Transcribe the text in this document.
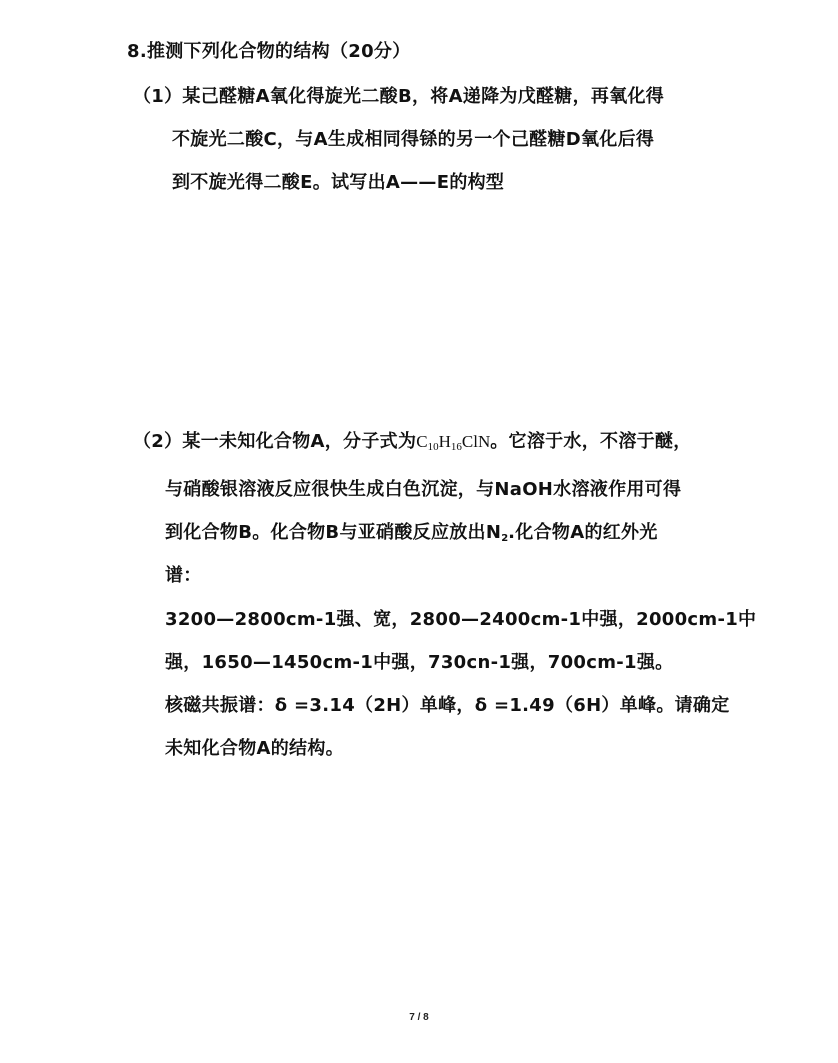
8.推测下列化合物的结构（20分）
（1）某己醛糖A氧化得旋光二酸B，将A递降为戊醛糖，再氧化得
不旋光二酸C，与A生成相同得铩的另一个己醛糖D氧化后得
到不旋光得二酸E。试写出A——E的构型
（2）某一未知化合物A，分子式为$C_{10}H_{16}ClN$。它溶于水，不溶于醚，
与硝酸银溶液反应很快生成白色沉淀，与NaOH水溶液作用可得
到化合物B。化合物B与亚硝酸反应放出N2.化合物A的红外光
谱：
3200—2800cm-1强、宽，2800—2400cm-1中强，2000cm-1中
强，1650—1450cm-1中强，730cn-1强，700cm-1强。
核磁共振谱：δ =3.14（2H）单峰，δ =1.49（6H）单峰。请确定
未知化合物A的结构。
7 / 8
